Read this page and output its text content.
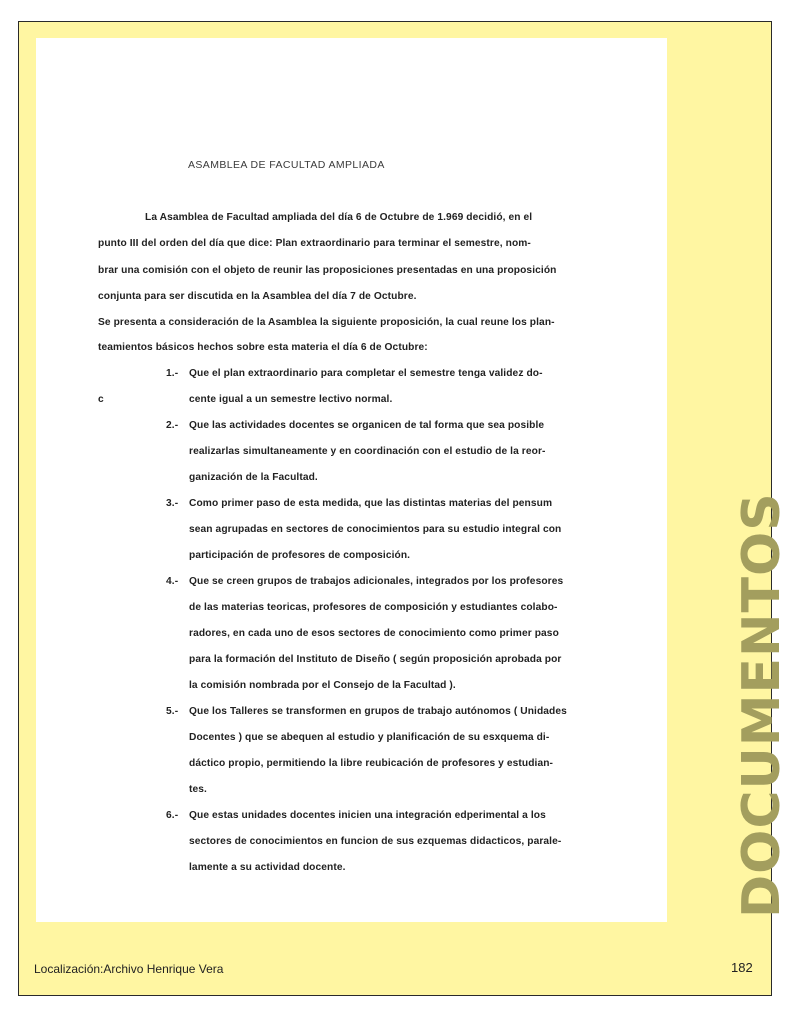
ASAMBLEA DE FACULTAD AMPLIADA
La Asamblea de Facultad ampliada del día 6 de Octubre de 1.969 decidió, en el
punto III del orden del día que dice: Plan extraordinario para terminar el semestre, nom-
brar una comisión con el objeto de reunir las proposiciones presentadas en una proposición
conjunta para ser discutida en la Asamblea del día 7 de Octubre.
Se presenta a consideración de la Asamblea la siguiente proposición, la cual reune los plan-
teamientos básicos hechos sobre esta materia el día 6 de Octubre:
c
1.- Que el plan extraordinario para completar el semestre tenga validez do-
cente igual a un semestre lectivo normal.
2.- Que las actividades docentes se organicen de tal forma que sea posible
realizarlas simultaneamente y en coordinación con el estudio de la reor-
ganización de la Facultad.
3.- Como primer paso de esta medida, que las distintas materias del pensum
sean agrupadas en sectores de conocimientos para su estudio integral con
participación de profesores de composición.
4.- Que se creen grupos de trabajos adicionales, integrados por los profesores
de las materias teoricas, profesores de composición y estudiantes colabo-
radores, en cada uno de esos sectores de conocimiento como primer paso
para la formación del Instituto de Diseño ( según proposición aprobada por
la comisión nombrada por el Consejo de la Facultad ).
5.- Que los Talleres se transformen en grupos de trabajo autónomos ( Unidades
Docentes ) que se abequen al estudio y planificación de su esxquema di-
dáctico propio, permitiendo la libre reubicación de profesores y estudian-
tes.
6.- Que estas unidades docentes inicien una integración edperimental a los
sectores de conocimientos en funcion de sus ezquemas didacticos, parale-
lamente a su actividad docente.	DOCUMENTOS
Localización:Archivo Henrique Vera	182
